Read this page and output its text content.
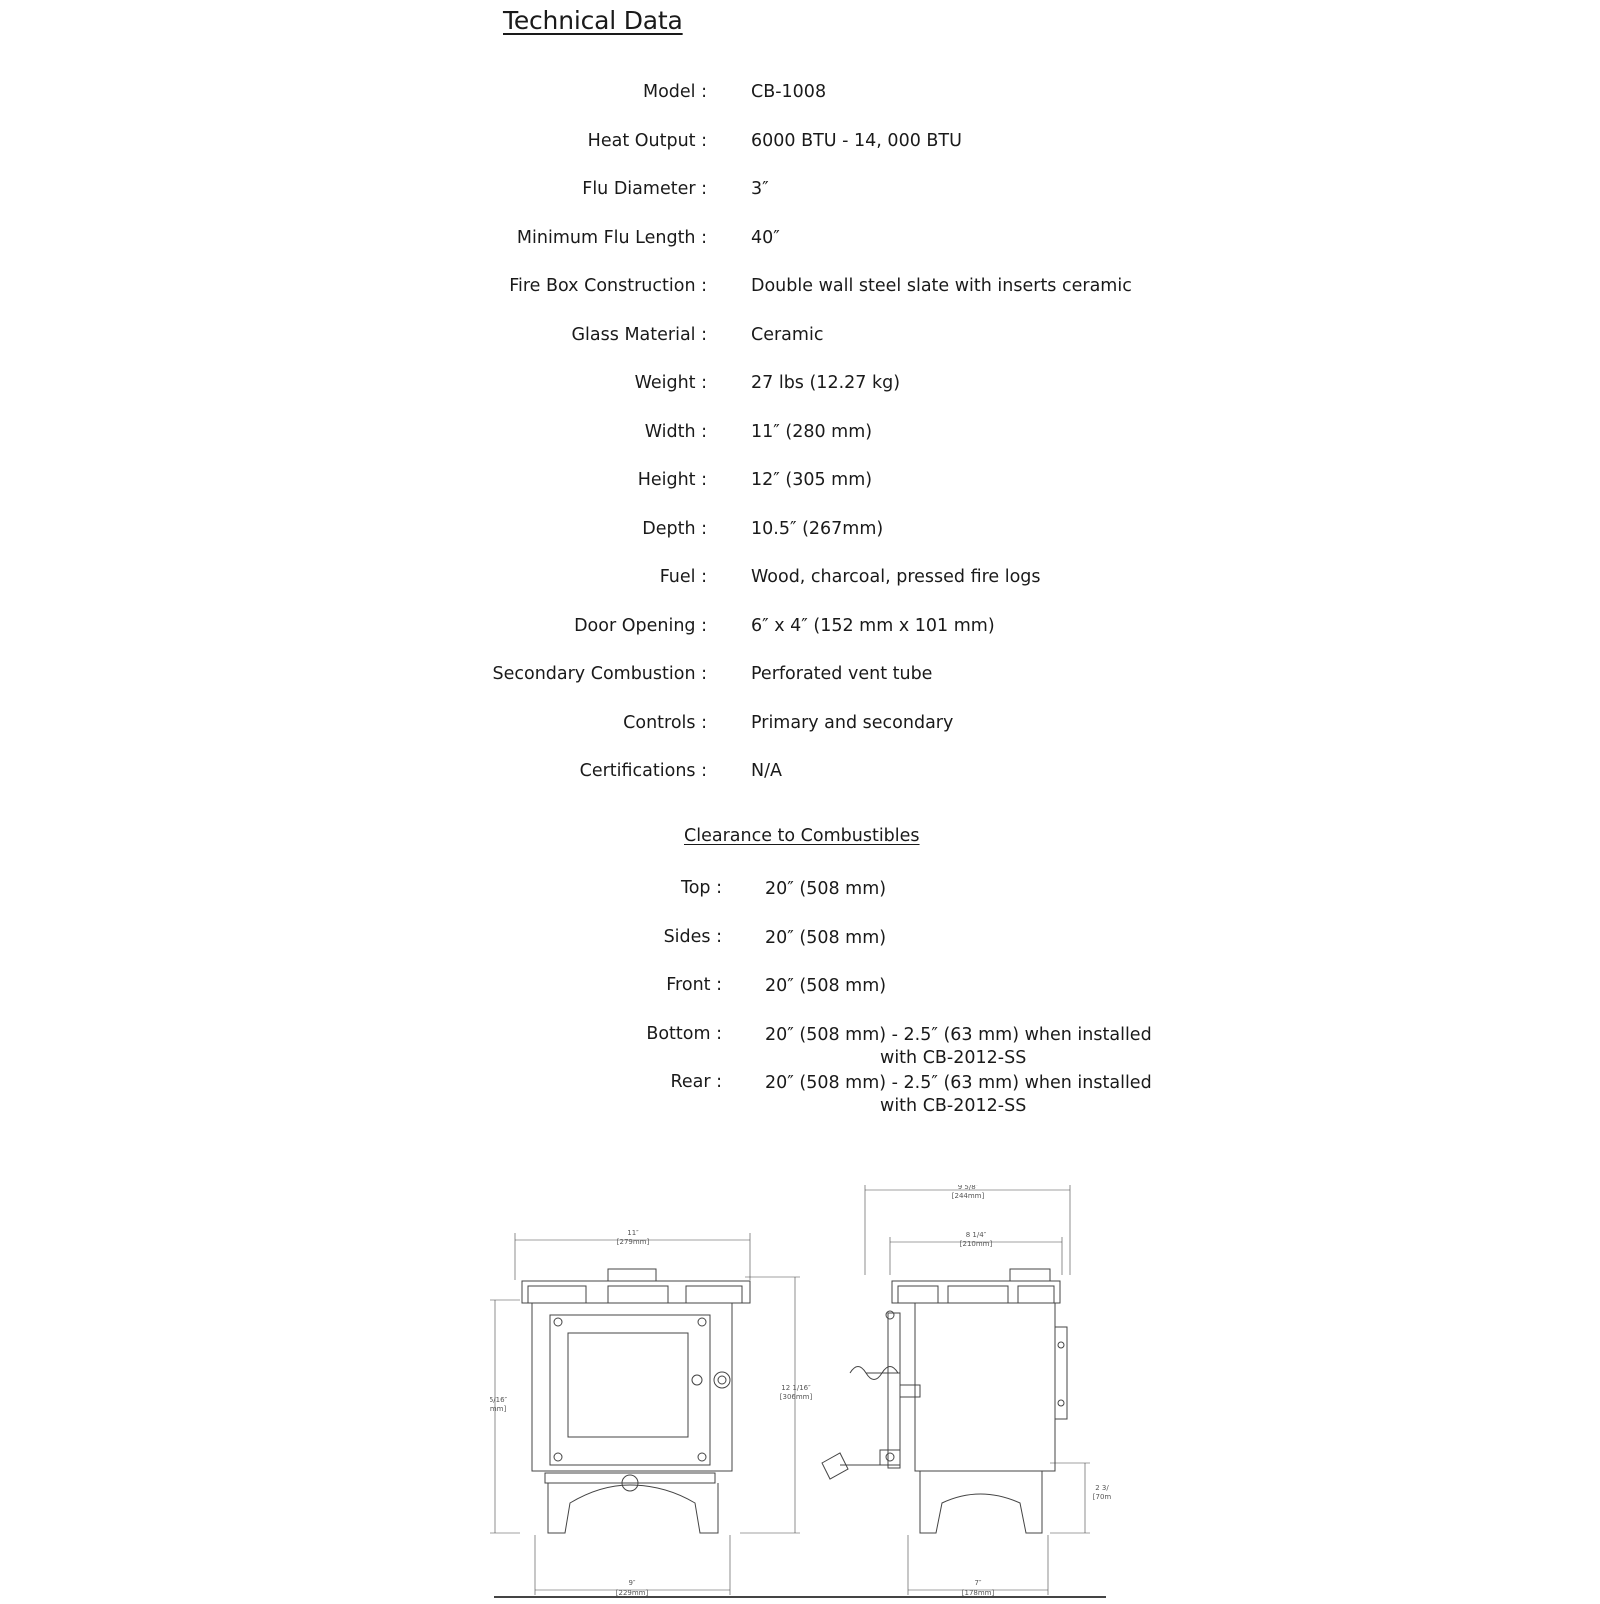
Technical Data
Model :	CB-1008
Heat Output :	6000 BTU - 14, 000 BTU
Flu Diameter :	3″
Minimum Flu Length :	40″
Fire Box Construction :	Double wall steel slate with inserts ceramic
Glass Material :	Ceramic
Weight :	27 lbs (12.27 kg)
Width :	11″ (280 mm)
Height :	12″ (305 mm)
Depth :	10.5″ (267mm)
Fuel :	Wood, charcoal, pressed fire logs
Door Opening :	6″ x 4″ (152 mm x 101 mm)
Secondary Combustion :	Perforated vent tube
Controls :	Primary and secondary
Certifications :	N/A
Clearance to Combustibles
Top : 20″ (508 mm)
Sides : 20″ (508 mm)
Front : 20″ (508 mm)
Bottom : 20″ (508 mm) - 2.5″ (63 mm) when installed
with CB-2012-SS
Rear : 20″ (508 mm) - 2.5″ (63 mm) when installed
with CB-2012-SS
11″
[279mm]
5/16″
mm]
12 1/16″
[306mm]
9″
[229mm]
9 5/8″
[244mm]
8 1/4″
[210mm]
2 3/
[70m
7″
[178mm]
